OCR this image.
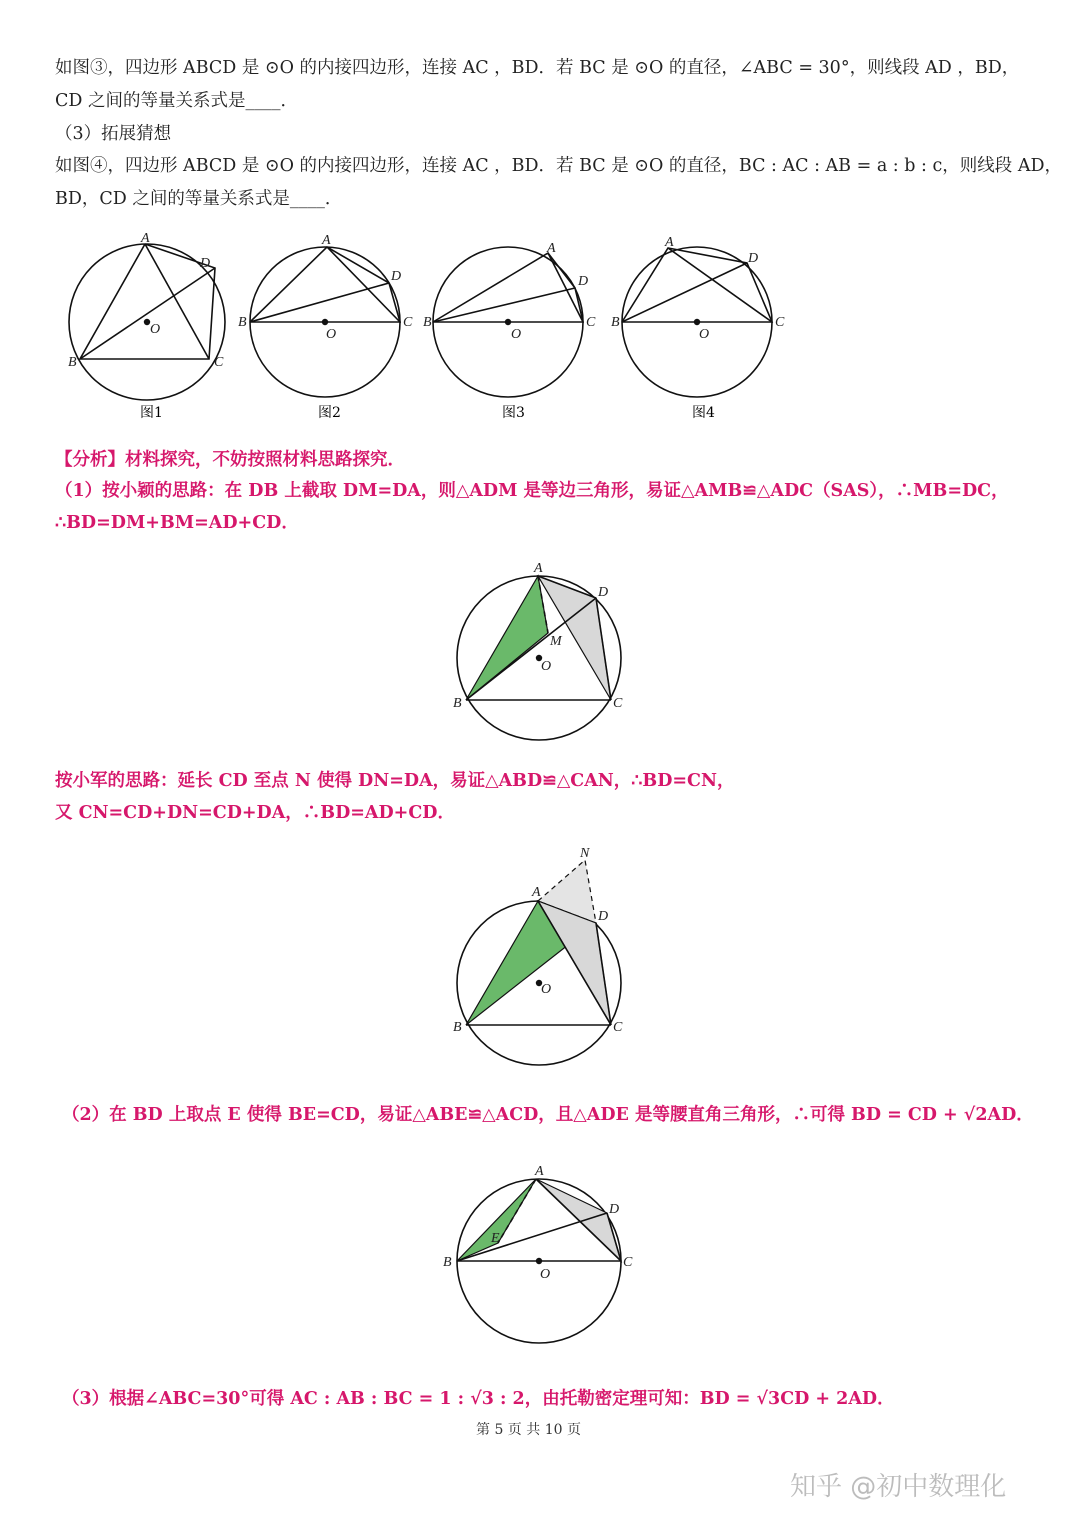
如图③，四边形 ABCD 是 ⊙O 的内接四边形，连接 AC ，BD．若 BC 是 ⊙O 的直径，∠ABC = 30°，则线段 AD ，BD，
CD 之间的等量关系式是____．
（3）拓展猜想
如图④，四边形 ABCD 是 ⊙O 的内接四边形，连接 AC ，BD．若 BC 是 ⊙O 的直径，BC : AC : AB = a : b : c，则线段 AD，
BD，CD 之间的等量关系式是____．
A
D
O
B	C
A
D
O
B	C
A
D
O
B	C
A
D
O
B	C
图1	图2	图3	图4
【分析】材料探究，不妨按照材料思路探究．
（1）按小颖的思路：在 DB 上截取 DM=DA，则△ADM 是等边三角形，易证△AMB≌△ADC（SAS），∴MB=DC，
∴BD=DM+BM=AD+CD．
A
D
M
O
B	C
按小军的思路：延长 CD 至点 N 使得 DN=DA，易证△ABD≌△CAN，∴BD=CN，
又 CN=CD+DN=CD+DA，∴BD=AD+CD．
N
A
D
O
B	C
（2）在 BD 上取点 E 使得 BE=CD，易证△ABE≌△ACD，且△ADE 是等腰直角三角形，∴可得 BD = CD + √2AD．
A
D
E
O
B	C
（3）根据∠ABC=30°可得 AC : AB : BC = 1 : √3 : 2，由托勒密定理可知：BD = √3CD + 2AD．
第 5 页 共 10 页
知乎 @初中数理化
